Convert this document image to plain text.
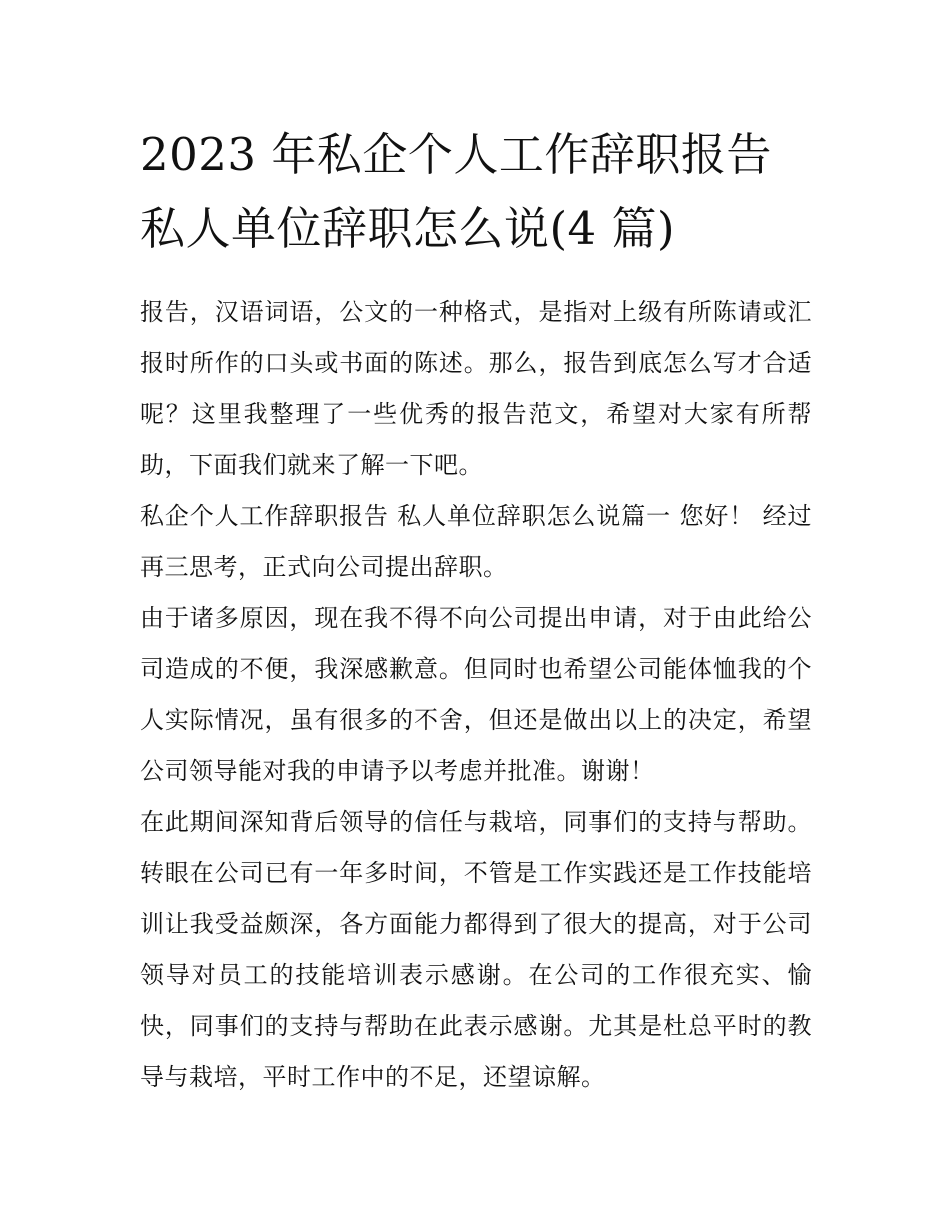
2023 年私企个人工作辞职报告
私人单位辞职怎么说(4 篇)

报告，汉语词语，公文的一种格式，是指对上级有所陈请或汇报时所作的口头或书面的陈述。那么，报告到底怎么写才合适呢？这里我整理了一些优秀的报告范文，希望对大家有所帮助，下面我们就来了解一下吧。

私企个人工作辞职报告 私人单位辞职怎么说篇一 您好！ 经过再三思考，正式向公司提出辞职。

由于诸多原因，现在我不得不向公司提出申请，对于由此给公司造成的不便，我深感歉意。但同时也希望公司能体恤我的个人实际情况，虽有很多的不舍，但还是做出以上的决定，希望公司领导能对我的申请予以考虑并批准。谢谢！

在此期间深知背后领导的信任与栽培，同事们的支持与帮助。转眼在公司已有一年多时间，不管是工作实践还是工作技能培训让我受益颇深，各方面能力都得到了很大的提高，对于公司领导对员工的技能培训表示感谢。在公司的工作很充实、愉快，同事们的支持与帮助在此表示感谢。尤其是杜总平时的教导与栽培，平时工作中的不足，还望谅解。
